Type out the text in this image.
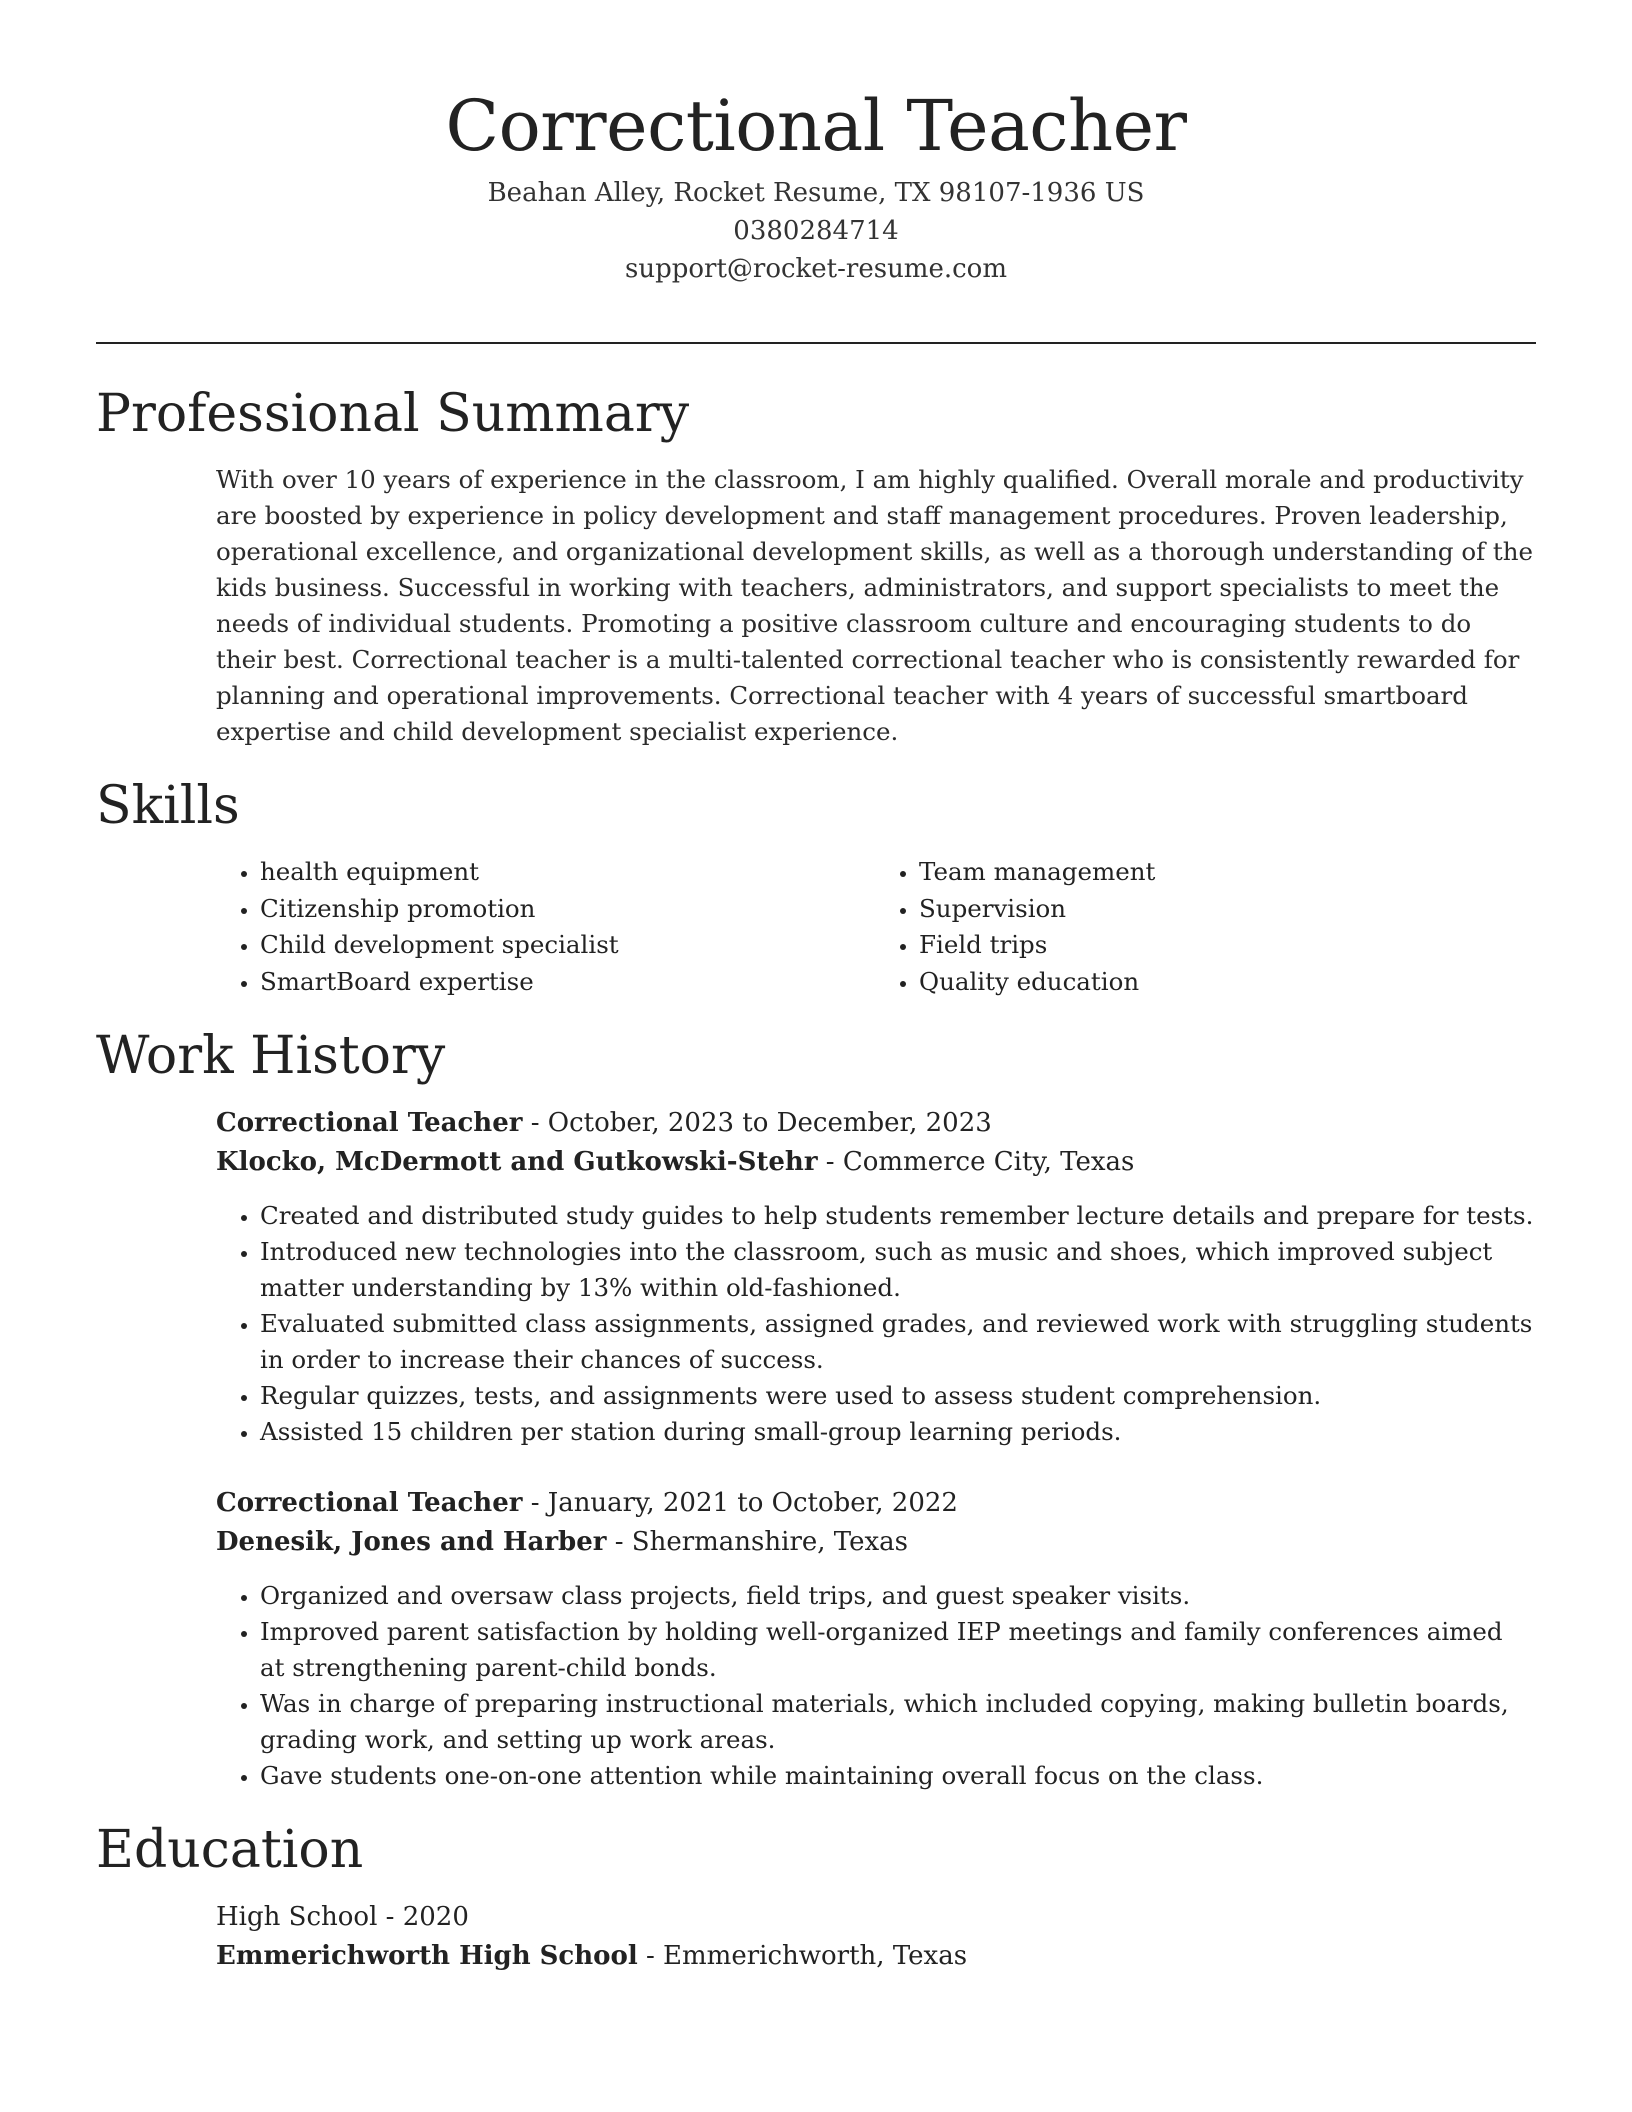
Correctional Teacher
Beahan Alley, Rocket Resume, TX 98107-1936 US
0380284714
support@rocket-resume.com
Professional Summary
With over 10 years of experience in the classroom, I am highly qualified. Overall morale and productivity are boosted by experience in policy development and staff management procedures. Proven leadership, operational excellence, and organizational development skills, as well as a thorough understanding of the kids business. Successful in working with teachers, administrators, and support specialists to meet the needs of individual students. Promoting a positive classroom culture and encouraging students to do their best. Correctional teacher is a multi-talented correctional teacher who is consistently rewarded for planning and operational improvements. Correctional teacher with 4 years of successful smartboard expertise and child development specialist experience.
Skills
• health equipment
• Citizenship promotion
• Child development specialist
• SmartBoard expertise
• Team management
• Supervision
• Field trips
• Quality education
Work History
Correctional Teacher - October, 2023 to December, 2023
Klocko, McDermott and Gutkowski-Stehr - Commerce City, Texas
• Created and distributed study guides to help students remember lecture details and prepare for tests.
• Introduced new technologies into the classroom, such as music and shoes, which improved subject matter understanding by 13% within old-fashioned.
• Evaluated submitted class assignments, assigned grades, and reviewed work with struggling students in order to increase their chances of success.
• Regular quizzes, tests, and assignments were used to assess student comprehension.
• Assisted 15 children per station during small-group learning periods.
Correctional Teacher - January, 2021 to October, 2022
Denesik, Jones and Harber - Shermanshire, Texas
• Organized and oversaw class projects, field trips, and guest speaker visits.
• Improved parent satisfaction by holding well-organized IEP meetings and family conferences aimed at strengthening parent-child bonds.
• Was in charge of preparing instructional materials, which included copying, making bulletin boards, grading work, and setting up work areas.
• Gave students one-on-one attention while maintaining overall focus on the class.
Education
High School - 2020
Emmerichworth High School - Emmerichworth, Texas
